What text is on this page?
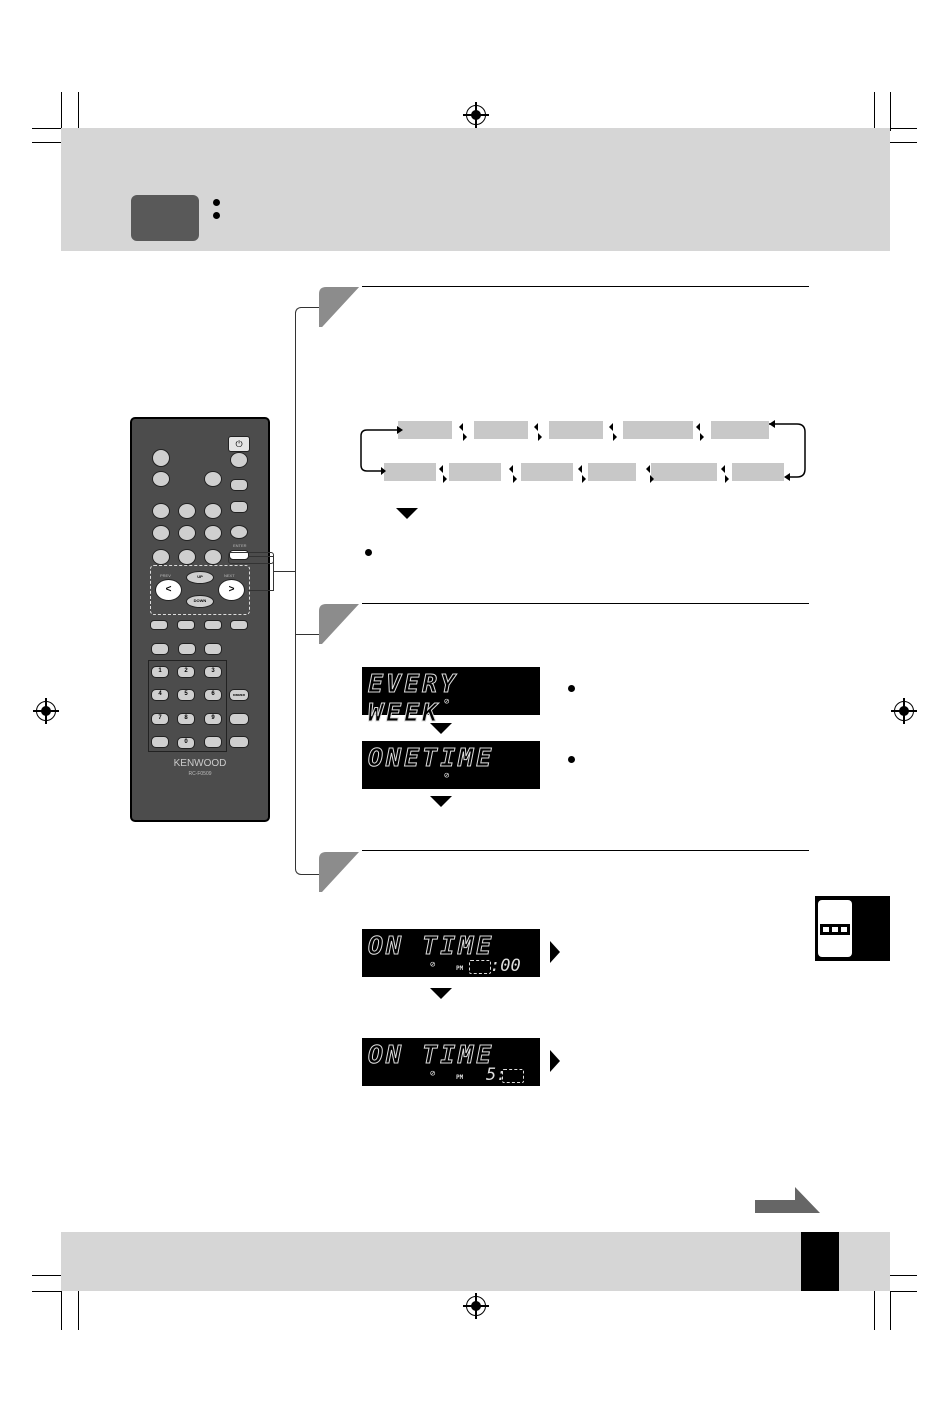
⏻
ENTER
PREV	NEXT
UP
DOWN
<	>
1	2	3
4	5	6	DIMMER
7	8	9
0
KENWOOD
RC-F0509
EVERY WEEK ⊘
ONETIME
⊘
ON TIME
⊘	PM :00
ON TIME
⊘	PM 5:
